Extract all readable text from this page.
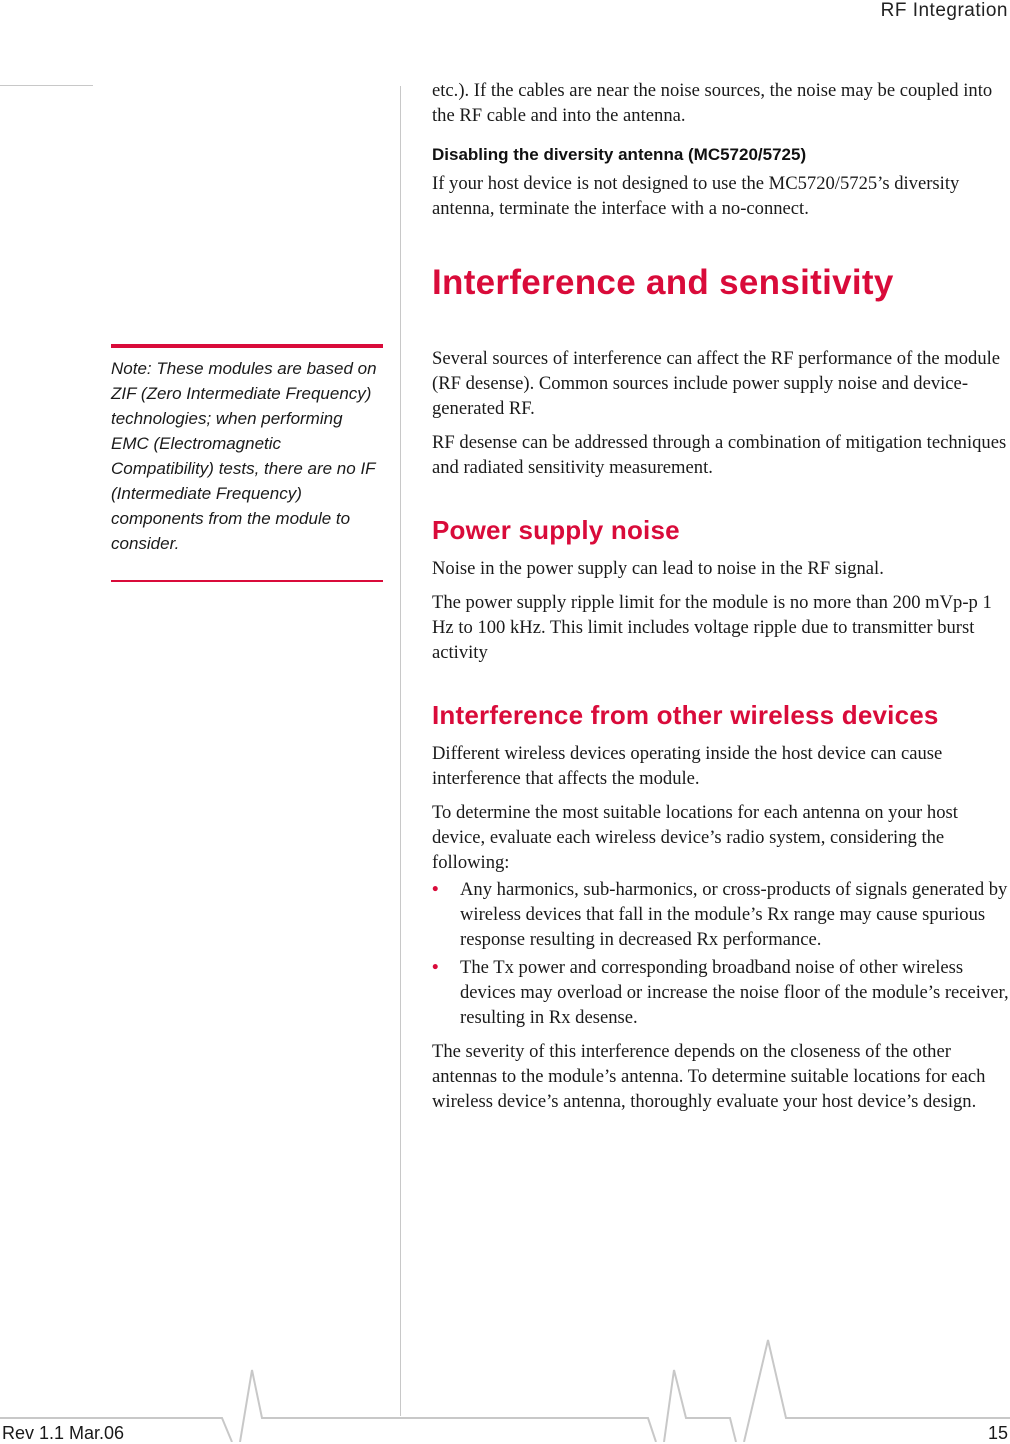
RF Integration
Note: These modules are based on ZIF (Zero Intermediate Frequency) technologies; when performing EMC (Electromagnetic Compatibility) tests, there are no IF (Intermediate Frequency) components from the module to consider.

etc.). If the cables are near the noise sources, the noise may be coupled into the RF cable and into the antenna.

Disabling the diversity antenna (MC5720/5725)

If your host device is not designed to use the MC5720/5725’s diversity antenna, terminate the interface with a no-connect.

Interference and sensitivity

Several sources of interference can affect the RF performance of the module (RF desense). Common sources include power supply noise and device-generated RF.

RF desense can be addressed through a combination of mitigation techniques and radiated sensitivity measurement.

Power supply noise

Noise in the power supply can lead to noise in the RF signal.

The power supply ripple limit for the module is no more than 200 mVp-p 1 Hz to 100 kHz. This limit includes voltage ripple due to transmitter burst activity

Interference from other wireless devices

Different wireless devices operating inside the host device can cause interference that affects the module.

To determine the most suitable locations for each antenna on your host device, evaluate each wireless device’s radio system, considering the following:

• Any harmonics, sub-harmonics, or cross-products of signals generated by wireless devices that fall in the module’s Rx range may cause spurious response resulting in decreased Rx performance.
• The Tx power and corresponding broadband noise of other wireless devices may overload or increase the noise floor of the module’s receiver, resulting in Rx desense.

The severity of this interference depends on the closeness of the other antennas to the module’s antenna. To determine suitable locations for each wireless device’s antenna, thoroughly evaluate your host device’s design.

Rev 1.1 Mar.06	15
